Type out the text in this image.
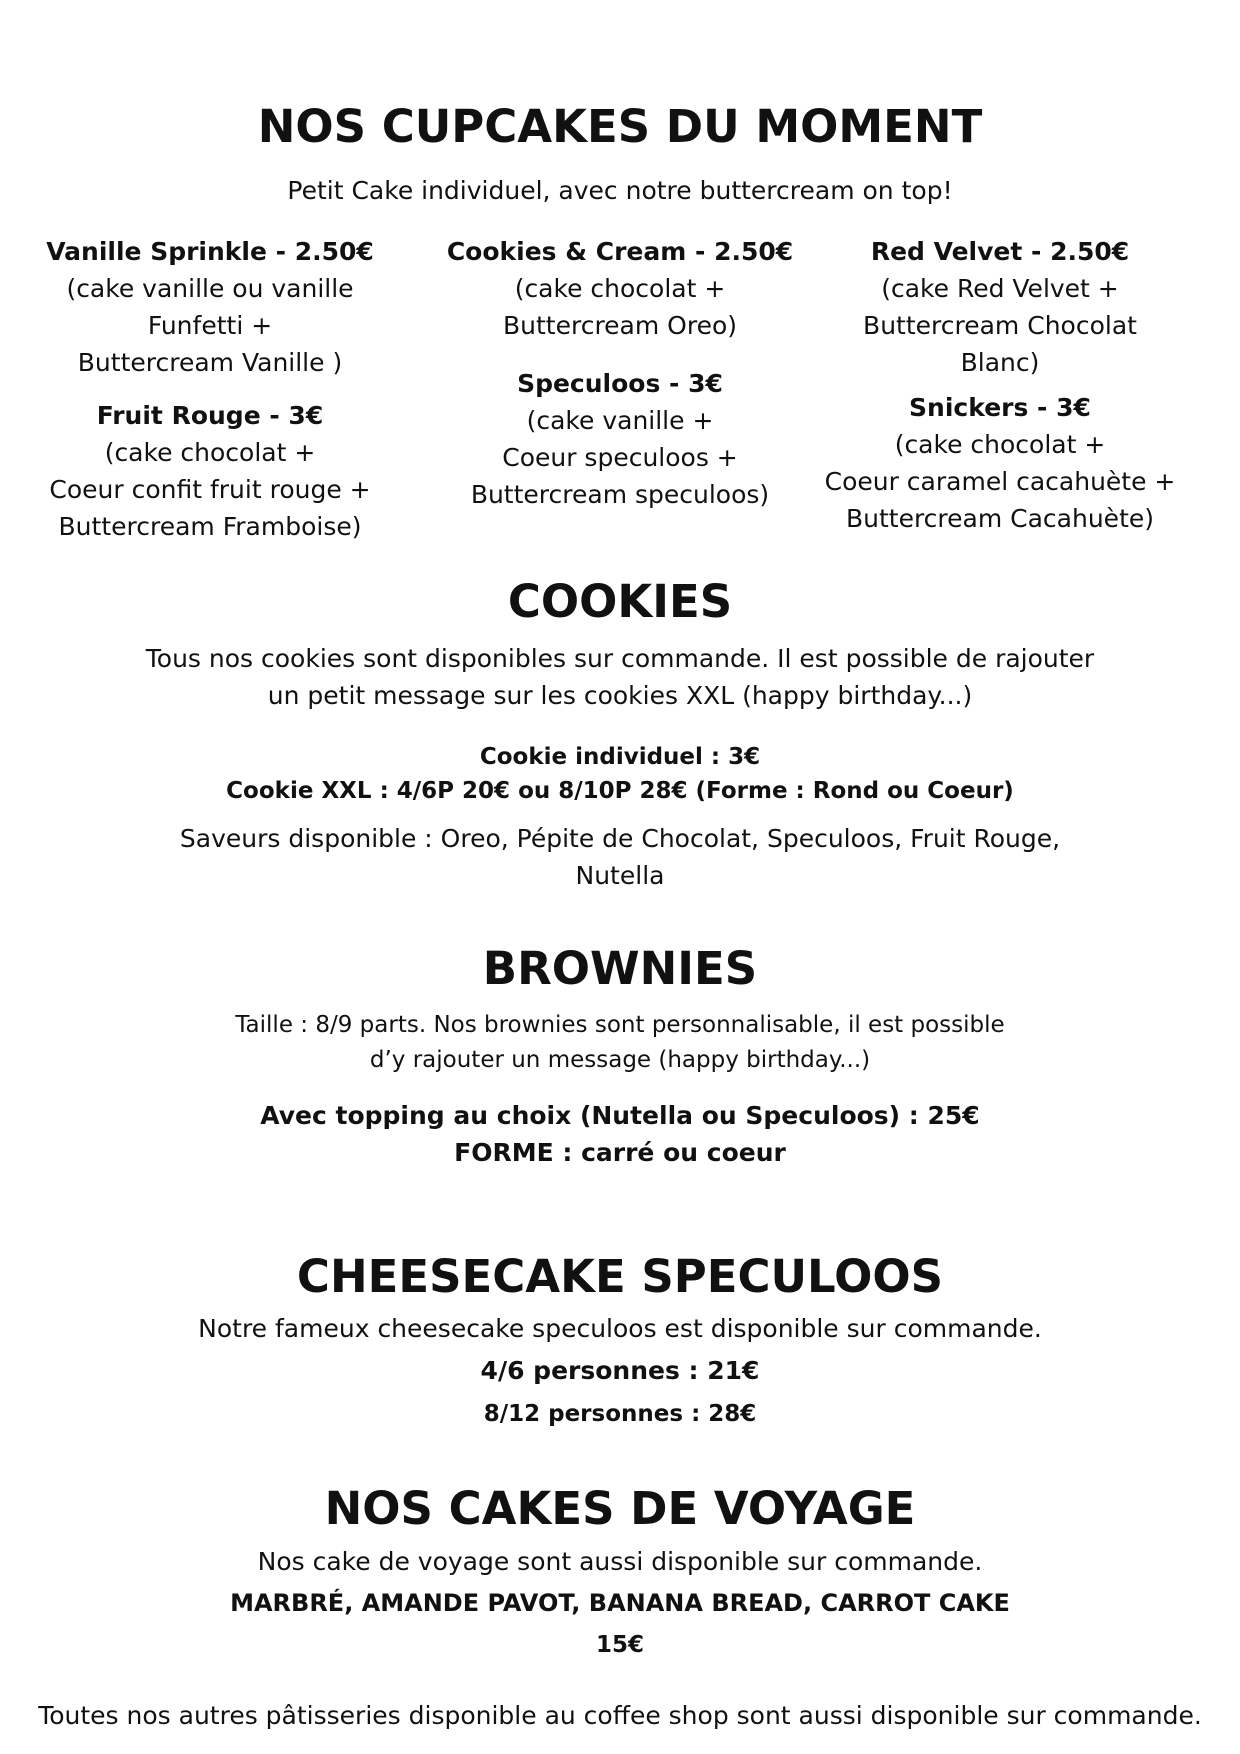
NOS CUPCAKES DU MOMENT

Petit Cake individuel, avec notre buttercream on top!

Vanille Sprinkle - 2.50€
(cake vanille ou vanille
Funfetti +
Buttercream Vanille )
Fruit Rouge - 3€
(cake chocolat +
Coeur confit fruit rouge +
Buttercream Framboise)
Cookies & Cream - 2.50€
(cake chocolat +
Buttercream Oreo)
Speculoos - 3€
(cake vanille +
Coeur speculoos +
Buttercream speculoos)
Red Velvet - 2.50€
(cake Red Velvet +
Buttercream Chocolat
Blanc)
Snickers - 3€
(cake chocolat +
Coeur caramel cacahuète +
Buttercream Cacahuète)
COOKIES
Tous nos cookies sont disponibles sur commande. Il est possible de rajouter
un petit message sur les cookies XXL (happy birthday...)
Cookie individuel : 3€
Cookie XXL : 4/6P 20€ ou 8/10P 28€ (Forme : Rond ou Coeur)
Saveurs disponible : Oreo, Pépite de Chocolat, Speculoos, Fruit Rouge,
Nutella
BROWNIES
Taille : 8/9 parts. Nos brownies sont personnalisable, il est possible
d’y rajouter un message (happy birthday...)
Avec topping au choix (Nutella ou Speculoos) : 25€
FORME : carré ou coeur
CHEESECAKE SPECULOOS

Notre fameux cheesecake speculoos est disponible sur commande.

4/6 personnes : 21€

8/12 personnes : 28€

NOS CAKES DE VOYAGE

Nos cake de voyage sont aussi disponible sur commande.

MARBRÉ, AMANDE PAVOT, BANANA BREAD, CARROT CAKE

15€

Toutes nos autres pâtisseries disponible au coffee shop sont aussi disponible sur commande.
